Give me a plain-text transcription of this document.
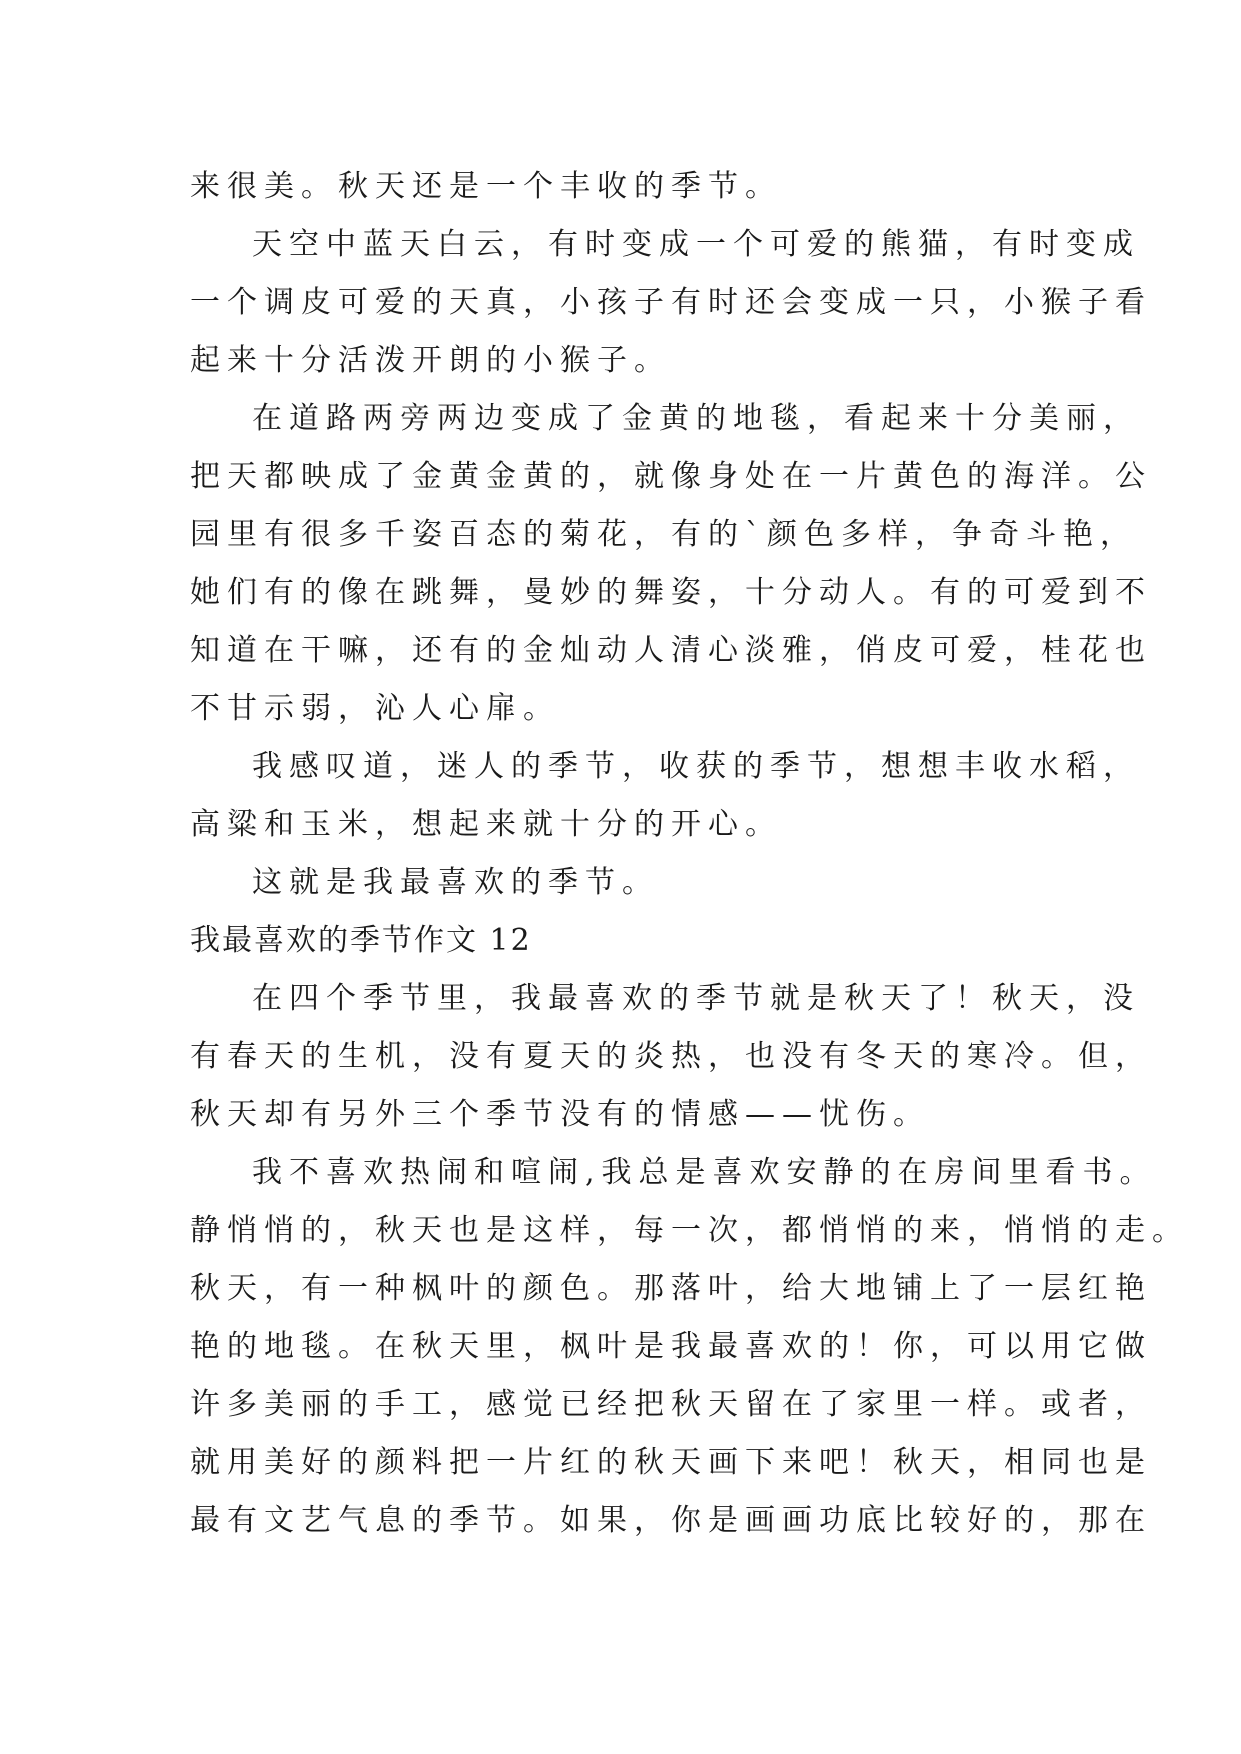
来很美。秋天还是一个丰收的季节。
天空中蓝天白云，有时变成一个可爱的熊猫，有时变成
一个调皮可爱的天真，小孩子有时还会变成一只，小猴子看
起来十分活泼开朗的小猴子。
在道路两旁两边变成了金黄的地毯，看起来十分美丽，
把天都映成了金黄金黄的，就像身处在一片黄色的海洋。公
园里有很多千姿百态的菊花，有的`颜色多样，争奇斗艳，
她们有的像在跳舞，曼妙的舞姿，十分动人。有的可爱到不
知道在干嘛，还有的金灿动人清心淡雅，俏皮可爱，桂花也
不甘示弱，沁人心扉。
我感叹道，迷人的季节，收获的季节，想想丰收水稻，
高粱和玉米，想起来就十分的开心。
这就是我最喜欢的季节。
我最喜欢的季节作文 12
在四个季节里，我最喜欢的季节就是秋天了！秋天，没
有春天的生机，没有夏天的炎热，也没有冬天的寒冷。但，
秋天却有另外三个季节没有的情感——忧伤。
我不喜欢热闹和喧闹,我总是喜欢安静的在房间里看书。
静悄悄的，秋天也是这样，每一次，都悄悄的来，悄悄的走。
秋天，有一种枫叶的颜色。那落叶，给大地铺上了一层红艳
艳的地毯。在秋天里，枫叶是我最喜欢的！你，可以用它做
许多美丽的手工，感觉已经把秋天留在了家里一样。或者，
就用美好的颜料把一片红的秋天画下来吧！秋天，相同也是
最有文艺气息的季节。如果，你是画画功底比较好的，那在
